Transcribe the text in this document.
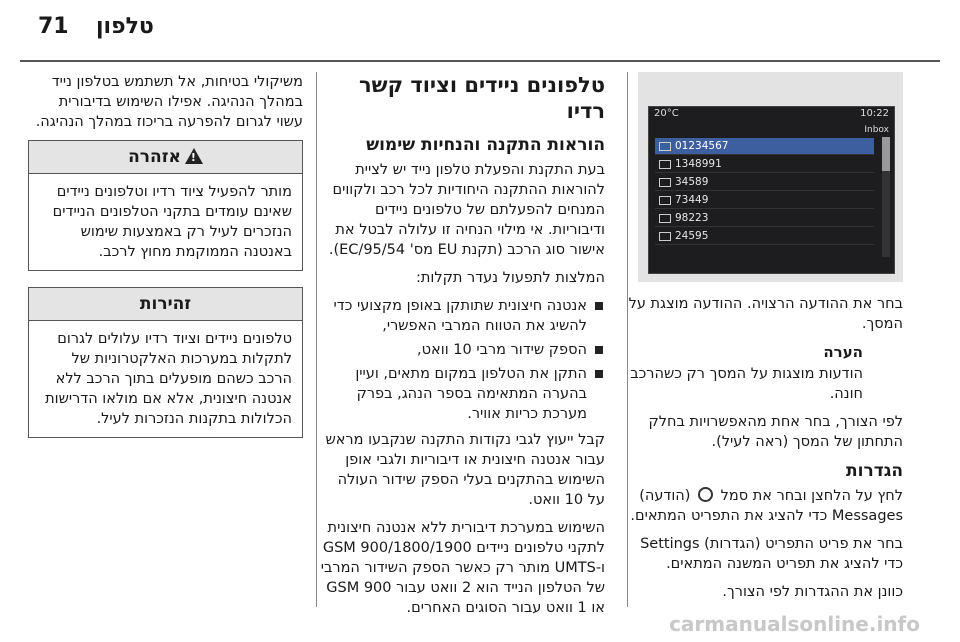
71 טלפון
20°C	10:22
Inbox
01234567
1348991
34589
73449
98223
24595

בחר את ההודעה הרצויה. ההודעה מוצגת על המסך.

הערה

הודעות מוצגות על המסך רק כשהרכב חונה.

לפי הצורך, בחר אחת מהאפשרויות בחלק התחתון של המסך (ראה לעיל).

הגדרות

לחץ על הלחצן ובחר את סמל  (הודעה) Messages כדי להציג את התפריט המתאים.

בחר את פריט התפריט (הגדרות) Settings כדי להציג את תפריט המשנה המתאים.

כוונן את ההגדרות לפי הצורך.

טלפונים ניידים וציוד קשר רדיו
הוראות התקנה והנחיות שימוש

בעת התקנת והפעלת טלפון נייד יש לציית להוראות ההתקנה היחודיות לכל רכב ולקווים המנחים להפעלתם של טלפונים ניידים ודיבוריות. אי מילוי הנחיה זו עלולה לבטל את אישור סוג הרכב (תקנת EU מס' 95/54/EC).

המלצות לתפעול נעדר תקלות:

אנטנה חיצונית שתותקן באופן מקצועי כדי להשיג את הטווח המרבי האפשרי,
הספק שידור מרבי 10 וואט,
התקן את הטלפון במקום מתאים, ועיין בהערה המתאימה בספר הנהג, בפרק מערכת כריות אוויר.

קבל ייעוץ לגבי נקודות התקנה שנקבעו מראש עבור אנטנה חיצונית או דיבוריות ולגבי אופן השימוש בהתקנים בעלי הספק שידור העולה על 10 וואט.

השימוש במערכת דיבורית ללא אנטנה חיצונית לתקני טלפונים ניידים GSM 900/1800/1900 ו-UMTS מותר רק כאשר הספק השידור המרבי של הטלפון הנייד הוא 2 וואט עבור GSM 900 או 1 וואט עבור הסוגים האחרים.

משיקולי בטיחות, אל תשתמש בטלפון נייד במהלך הנהיגה. אפילו השימוש בדיבורית עשוי לגרום להפרעה בריכוז במהלך הנהיגה.

!אזהרה
מותר להפעיל ציוד רדיו וטלפונים ניידים שאינם עומדים בתקני הטלפונים הניידים הנזכרים לעיל רק באמצעות שימוש באנטנה הממוקמת מחוץ לרכב.
זהירות
טלפונים ניידים וציוד רדיו עלולים לגרום לתקלות במערכות האלקטרוניות של הרכב כשהם מופעלים בתוך הרכב ללא אנטנה חיצונית, אלא אם מולאו הדרישות הכלולות בתקנות הנזכרות לעיל.
carmanualsonline.info
